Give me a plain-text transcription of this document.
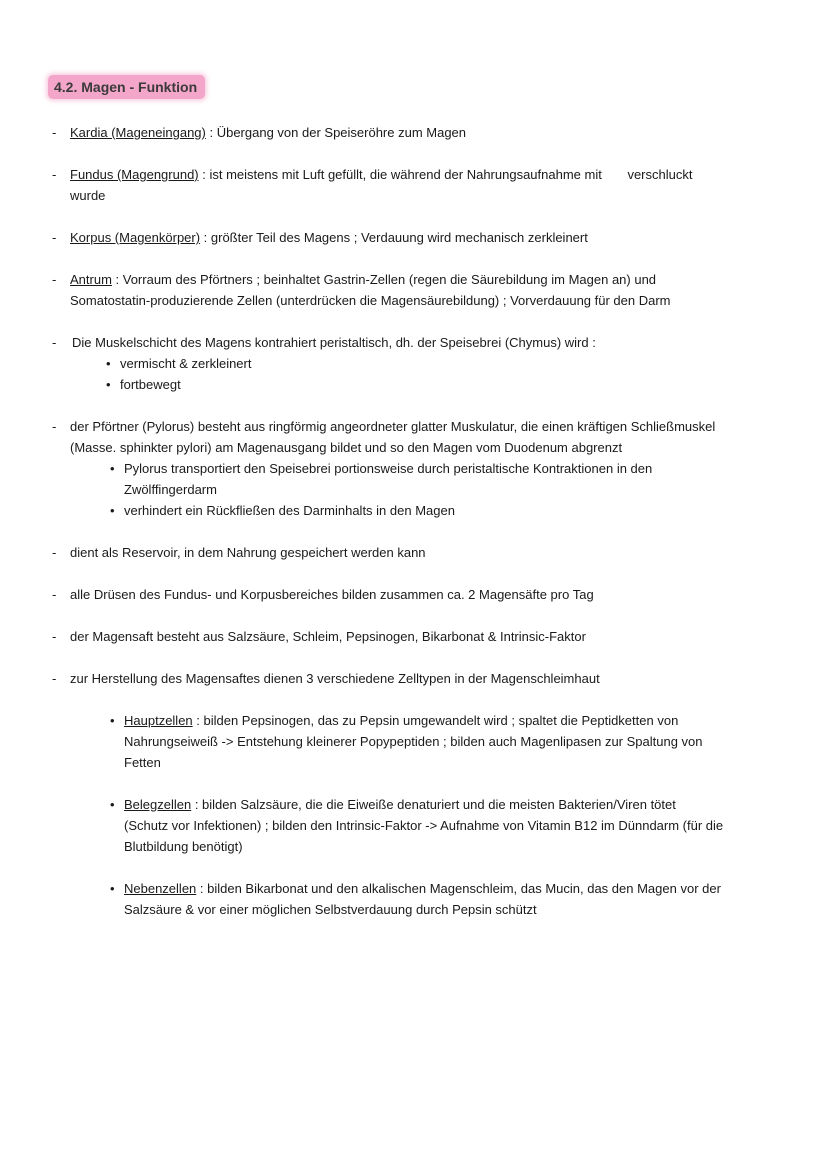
4.2. Magen - Funktion
-	Kardia (Mageneingang) : Übergang von der Speiseröhre zum Magen
-	Fundus (Magengrund) : ist meistens mit Luft gefüllt, die während der Nahrungsaufnahme mit verschluckt
wurde
-	Korpus (Magenkörper) : größter Teil des Magens ; Verdauung wird mechanisch zerkleinert
-	Antrum : Vorraum des Pförtners ; beinhaltet Gastrin-Zellen (regen die Säurebildung im Magen an) und
Somatostatin-produzierende Zellen (unterdrücken die Magensäurebildung) ; Vorverdauung für den Darm
-	Die Muskelschicht des Magens kontrahiert peristaltisch, dh. der Speisebrei (Chymus) wird :
• vermischt & zerkleinert
• fortbewegt
-	der Pförtner (Pylorus) besteht aus ringförmig angeordneter glatter Muskulatur, die einen kräftigen Schließmuskel
(Masse. sphinkter pylori) am Magenausgang bildet und so den Magen vom Duodenum abgrenzt
• Pylorus transportiert den Speisebrei portionsweise durch peristaltische Kontraktionen in den
Zwölffingerdarm
• verhindert ein Rückfließen des Darminhalts in den Magen
-	dient als Reservoir, in dem Nahrung gespeichert werden kann
-	alle Drüsen des Fundus- und Korpusbereiches bilden zusammen ca. 2 Magensäfte pro Tag
-	der Magensaft besteht aus Salzsäure, Schleim, Pepsinogen, Bikarbonat & Intrinsic-Faktor
-	zur Herstellung des Magensaftes dienen 3 verschiedene Zelltypen in der Magenschleimhaut
• Hauptzellen : bilden Pepsinogen, das zu Pepsin umgewandelt wird ; spaltet die Peptidketten von
Nahrungseiweiß -> Entstehung kleinerer Popypeptiden ; bilden auch Magenlipasen zur Spaltung von
Fetten
• Belegzellen : bilden Salzsäure, die die Eiweiße denaturiert und die meisten Bakterien/Viren tötet
(Schutz vor Infektionen) ; bilden den Intrinsic-Faktor -> Aufnahme von Vitamin B12 im Dünndarm (für die
Blutbildung benötigt)
• Nebenzellen : bilden Bikarbonat und den alkalischen Magenschleim, das Mucin, das den Magen vor der
Salzsäure & vor einer möglichen Selbstverdauung durch Pepsin schützt
